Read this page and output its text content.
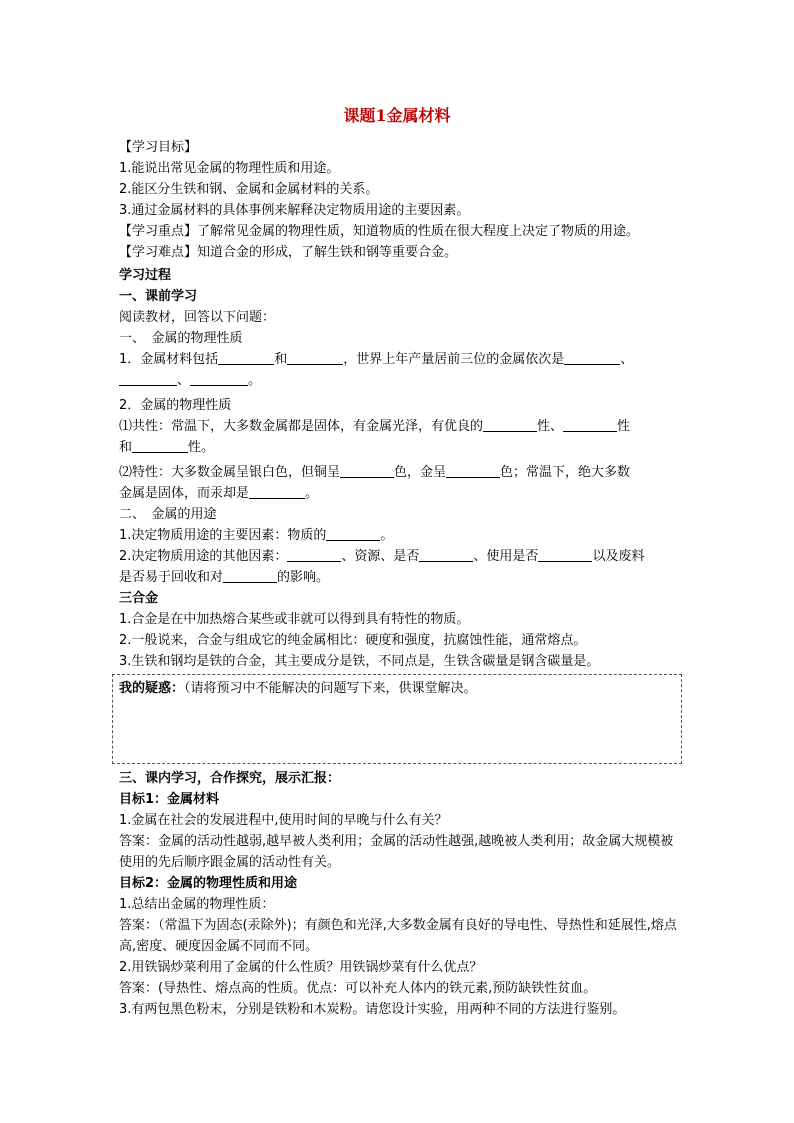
课题1金属材料

【学习目标】

1.能说出常见金属的物理性质和用途。

2.能区分生铁和钢、金属和金属材料的关系。

3.通过金属材料的具体事例来解释决定物质用途的主要因素。

【学习重点】了解常见金属的物理性质，知道物质的性质在很大程度上决定了物质的用途。

【学习难点】知道合金的形成，了解生铁和钢等重要合金。

学习过程

一、课前学习

阅读教材，回答以下问题：

一、　金属的物理性质

1．金属材料包括	和	，世界上年产量居前三位的金属依次是	、

、	。

2．金属的物理性质

⑴共性：常温下，大多数金属都是固体，有金属光泽，有优良的	性、	性

和	性。

⑵特性：大多数金属呈银白色，但铜呈	色，金呈	色；常温下，绝大多数

金属是固体，而汞却是	。

二、　金属的用途

1.决定物质用途的主要因素：物质的	。

2.决定物质用途的其他因素：	、资源、是否	、使用是否	以及废料

是否易于回收和对	的影响。

三合金

1.合金是在中加热熔合某些或非就可以得到具有特性的物质。

2.一般说来，合金与组成它的纯金属相比：硬度和强度，抗腐蚀性能，通常熔点。

3.生铁和钢均是铁的合金，其主要成分是铁，不同点是，生铁含碳量是钢含碳量是。

我的疑惑：（请将预习中不能解决的问题写下来，供课堂解决。

三、课内学习，合作探究，展示汇报：

目标1：金属材料

1.金属在社会的发展进程中,使用时间的早晚与什么有关？

答案：金属的活动性越弱,越早被人类利用；金属的活动性越强,越晚被人类利用；故金属大规模被使用的先后顺序跟金属的活动性有关。

目标2：金属的物理性质和用途

1.总结出金属的物理性质：

答案：（常温下为固态(汞除外)；有颜色和光泽,大多数金属有良好的导电性、导热性和延展性,熔点高,密度、硬度因金属不同而不同。

2.用铁锅炒菜利用了金属的什么性质？用铁锅炒菜有什么优点？

答案：(导热性、熔点高的性质。优点：可以补充人体内的铁元素,预防缺铁性贫血。

3.有两包黑色粉末，分别是铁粉和木炭粉。请您设计实验，用两种不同的方法进行鉴别。
